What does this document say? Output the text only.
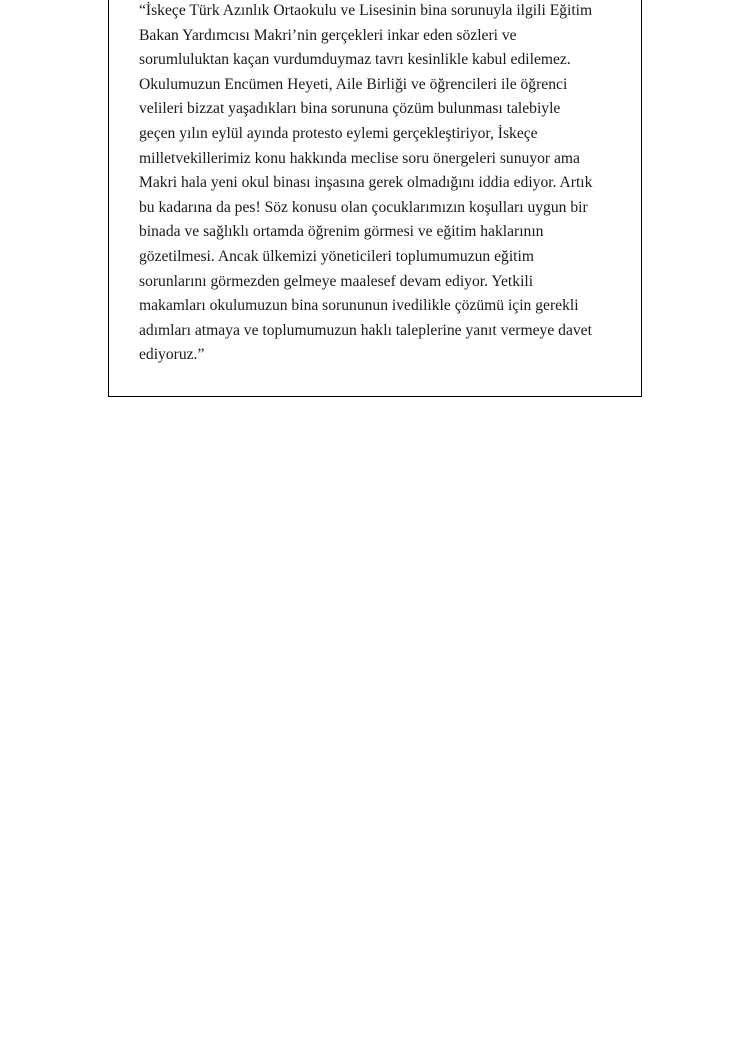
“İskeçe Türk Azınlık Ortaokulu ve Lisesinin bina sorunuyla ilgili Eğitim
Bakan Yardımcısı Makri’nin gerçekleri inkar eden sözleri ve
sorumluluktan kaçan vurdumduymaz tavrı kesinlikle kabul edilemez.
Okulumuzun Encümen Heyeti, Aile Birliği ve öğrencileri ile öğrenci
velileri bizzat yaşadıkları bina sorununa çözüm bulunması talebiyle
geçen yılın eylül ayında protesto eylemi gerçekleştiriyor, İskeçe
milletvekillerimiz konu hakkında meclise soru önergeleri sunuyor ama
Makri hala yeni okul binası inşasına gerek olmadığını iddia ediyor. Artık
bu kadarına da pes! Söz konusu olan çocuklarımızın koşulları uygun bir
binada ve sağlıklı ortamda öğrenim görmesi ve eğitim haklarının
gözetilmesi. Ancak ülkemizi yöneticileri toplumumuzun eğitim
sorunlarını görmezden gelmeye maalesef devam ediyor. Yetkili
makamları okulumuzun bina sorununun ivedilikle çözümü için gerekli
adımları atmaya ve toplumumuzun haklı taleplerine yanıt vermeye davet
ediyoruz.”
